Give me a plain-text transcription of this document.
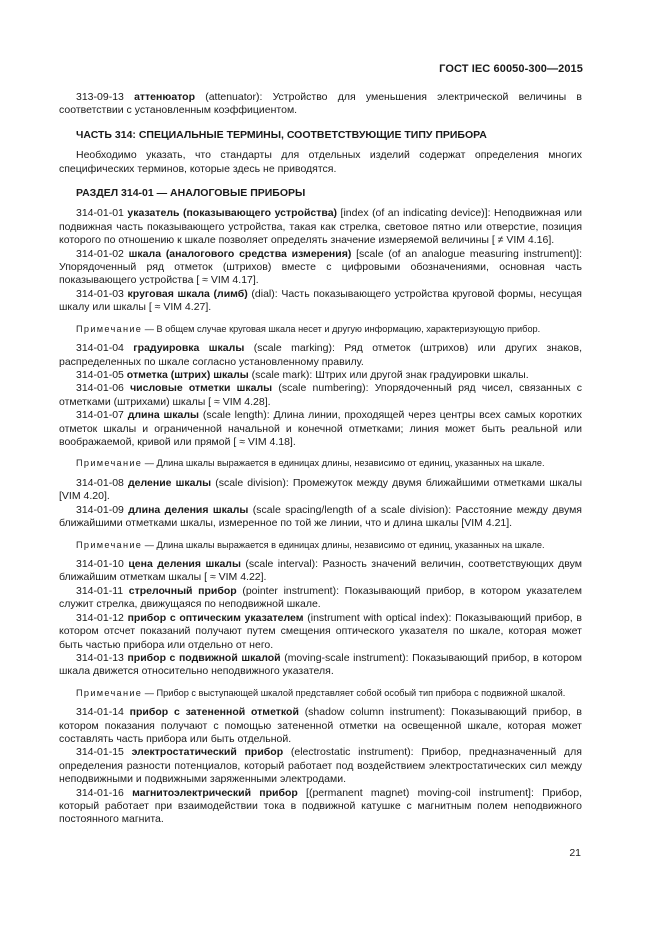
ГОСТ IEC 60050-300—2015

313-09-13 аттенюатор (attenuator): Устройство для уменьшения электрической величины в соответствии с установленным коэффициентом.

ЧАСТЬ 314: СПЕЦИАЛЬНЫЕ ТЕРМИНЫ, СООТВЕТСТВУЮЩИЕ ТИПУ ПРИБОРА

Необходимо указать, что стандарты для отдельных изделий содержат определения многих специфических терминов, которые здесь не приводятся.

РАЗДЕЛ 314-01 — АНАЛОГОВЫЕ ПРИБОРЫ

314-01-01 указатель (показывающего устройства) [index (of an indicating device)]: Неподвижная или подвижная часть показывающего устройства, такая как стрелка, световое пятно или отверстие, позиция которого по отношению к шкале позволяет определять значение измеряемой величины [ ≠ VIM 4.16].

314-01-02 шкала (аналогового средства измерения) [scale (of an analogue measuring instrument)]: Упорядоченный ряд отметок (штрихов) вместе с цифровыми обозначениями, основная часть показывающего устройства [ ≈ VIM 4.17].

314-01-03 круговая шкала (лимб) (dial): Часть показывающего устройства круговой формы, несущая шкалу или шкалы [ ≈ VIM 4.27].

Примечание — В общем случае круговая шкала несет и другую информацию, характеризующую прибор.

314-01-04 градуировка шкалы (scale marking): Ряд отметок (штрихов) или других знаков, распределенных по шкале согласно установленному правилу.

314-01-05 отметка (штрих) шкалы (scale mark): Штрих или другой знак градуировки шкалы.

314-01-06 числовые отметки шкалы (scale numbering): Упорядоченный ряд чисел, связанных с отметками (штрихами) шкалы [ ≈ VIM 4.28].

314-01-07 длина шкалы (scale length): Длина линии, проходящей через центры всех самых коротких отметок шкалы и ограниченной начальной и конечной отметками; линия может быть реальной или воображаемой, кривой или прямой [ ≈ VIM 4.18].

Примечание — Длина шкалы выражается в единицах длины, независимо от единиц, указанных на шкале.

314-01-08 деление шкалы (scale division): Промежуток между двумя ближайшими отметками шкалы [VIM 4.20].

314-01-09 длина деления шкалы (scale spacing/length of a scale division): Расстояние между двумя ближайшими отметками шкалы, измеренное по той же линии, что и длина шкалы [VIM 4.21].

Примечание — Длина шкалы выражается в единицах длины, независимо от единиц, указанных на шкале.

314-01-10 цена деления шкалы (scale interval): Разность значений величин, соответствующих двум ближайшим отметкам шкалы [ ≈ VIM 4.22].

314-01-11 стрелочный прибор (pointer instrument): Показывающий прибор, в котором указателем служит стрелка, движущаяся по неподвижной шкале.

314-01-12 прибор с оптическим указателем (instrument with optical index): Показывающий прибор, в котором отсчет показаний получают путем смещения оптического указателя по шкале, которая может быть частью прибора или отдельно от него.

314-01-13 прибор с подвижной шкалой (moving-scale instrument): Показывающий прибор, в котором шкала движется относительно неподвижного указателя.

Примечание — Прибор с выступающей шкалой представляет собой особый тип прибора с подвижной шкалой.

314-01-14 прибор с затененной отметкой (shadow column instrument): Показывающий прибор, в котором показания получают с помощью затененной отметки на освещенной шкале, которая может составлять часть прибора или быть отдельной.

314-01-15 электростатический прибор (electrostatic instrument): Прибор, предназначенный для определения разности потенциалов, который работает под воздействием электростатических сил между неподвижными и подвижными заряженными электродами.

314-01-16 магнитоэлектрический прибор [(permanent magnet) moving-coil instrument]: Прибор, который работает при взаимодействии тока в подвижной катушке с магнитным полем неподвижного постоянного магнита.

21
